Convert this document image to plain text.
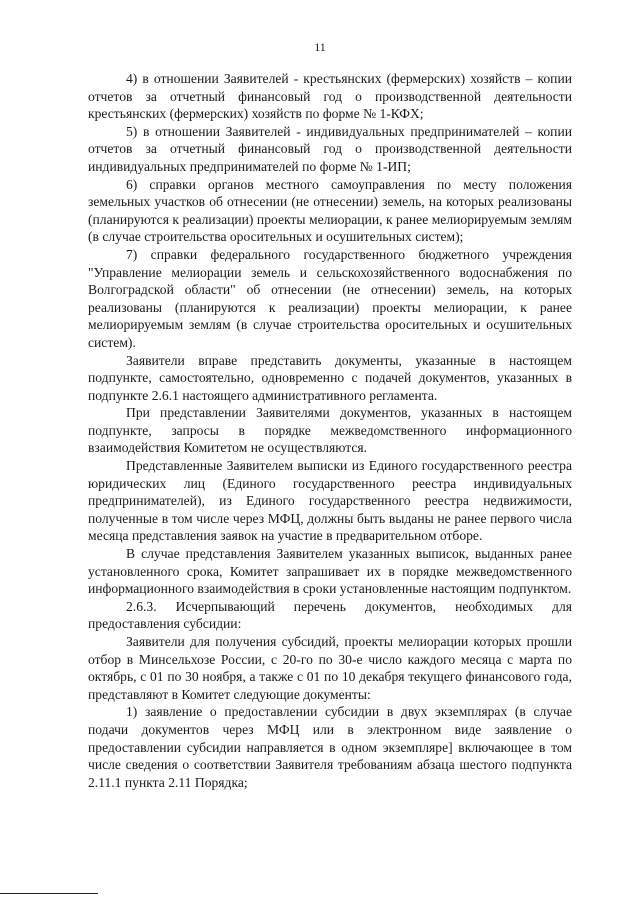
11

4) в отношении Заявителей - крестьянских (фермерских) хозяйств – копии отчетов за отчетный финансовый год о производственной деятельности крестьянских (фермерских) хозяйств по форме № 1-КФХ;

5) в отношении Заявителей - индивидуальных предпринимателей – копии отчетов за отчетный финансовый год о производственной деятельности индивидуальных предпринимателей по форме № 1-ИП;

6) справки органов местного самоуправления по месту положения земельных участков об отнесении (не отнесении) земель, на которых реализованы (планируются к реализации) проекты мелиорации, к ранее мелиорируемым землям (в случае строительства оросительных и осушительных систем);

7) справки федерального государственного бюджетного учреждения "Управление мелиорации земель и сельскохозяйственного водоснабжения по Волгоградской области" об отнесении (не отнесении) земель, на которых реализованы (планируются к реализации) проекты мелиорации, к ранее мелиорируемым землям (в случае строительства оросительных и осушительных систем).

Заявители вправе представить документы, указанные в настоящем подпункте, самостоятельно, одновременно с подачей документов, указанных в подпункте 2.6.1 настоящего административного регламента.

При представлении Заявителями документов, указанных в настоящем подпункте, запросы в порядке межведомственного информационного взаимодействия Комитетом не осуществляются.

Представленные Заявителем выписки из Единого государственного реестра юридических лиц (Единого государственного реестра индивидуальных предпринимателей), из Единого государственного реестра недвижимости, полученные в том числе через МФЦ, должны быть выданы не ранее первого числа месяца представления заявок на участие в предварительном отборе.

В случае представления Заявителем указанных выписок, выданных ранее установленного срока, Комитет запрашивает их в порядке межведомственного информационного взаимодействия в сроки установленные настоящим подпунктом.

2.6.3. Исчерпывающий перечень документов, необходимых для предоставления субсидии:

Заявители для получения субсидий, проекты мелиорации которых прошли отбор в Минсельхозе России, с 20-го по 30-е число каждого месяца с марта по октябрь, с 01 по 30 ноября, а также с 01 по 10 декабря текущего финансового года, представляют в Комитет следующие документы:

1) заявление о предоставлении субсидии в двух экземплярах (в случае подачи документов через МФЦ или в электронном виде заявление о предоставлении субсидии направляется в одном экземпляре] включающее в том числе сведения о соответствии Заявителя требованиям абзаца шестого подпункта 2.11.1 пункта 2.11 Порядка;
